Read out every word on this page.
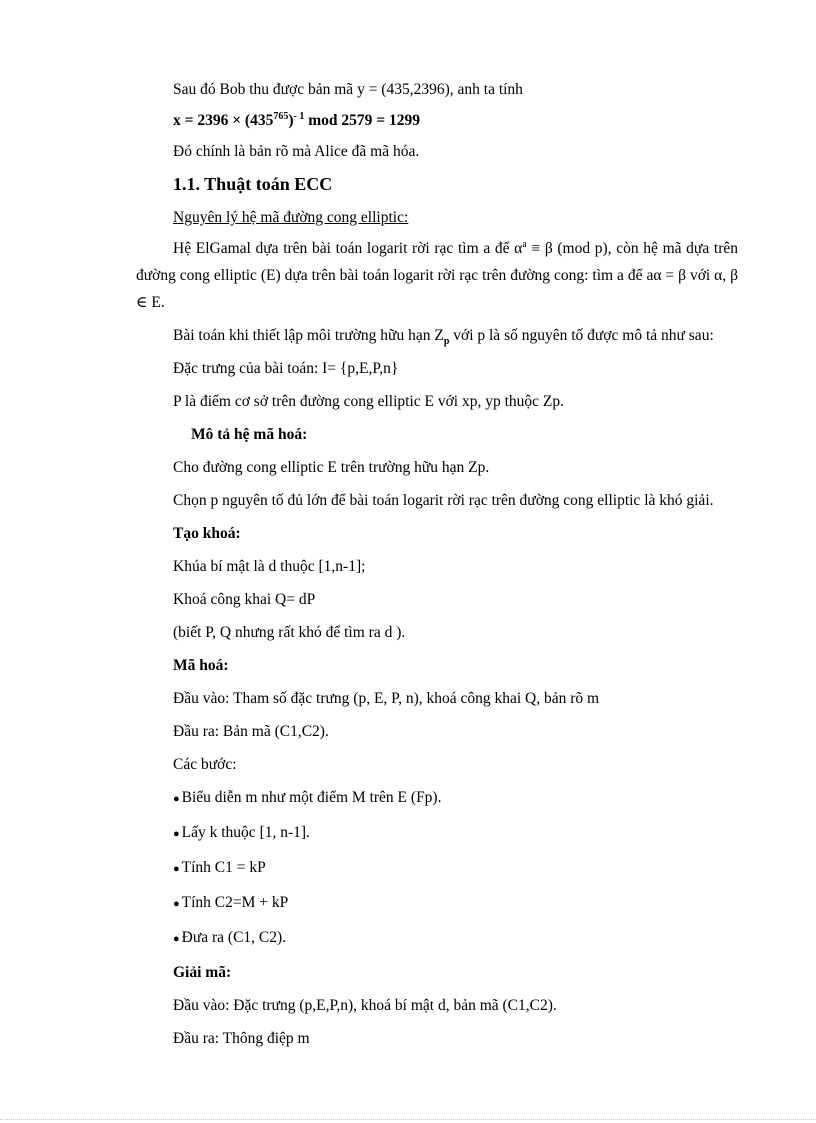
Sau đó Bob thu được bản mã y = (435,2396), anh ta tính

$x = 2396 \times (435^{765})^{- 1}$ mod 2579 = 1299

Đó chính là bản rõ mà Alice đã mã hóa.

1.1. Thuật toán ECC

Nguyên lý hệ mã đường cong elliptic:

Hệ ElGamal dựa trên bài toán logarit rời rạc tìm a để $\alpha^a \equiv \beta$ (mod p), còn hệ mã dựa trên đường cong elliptic (E) dựa trên bài toán logarit rời rạc trên đường cong: tìm a để aα = β với α, β ∈ E.

Bài toán khi thiết lập môi trường hữu hạn $Z_p$ với p là số nguyên tố được mô tả như sau:

Đặc trưng của bài toán: I= {p,E,P,n}

P là điểm cơ sở trên đường cong elliptic E với xp, yp thuộc Zp.

Mô tả hệ mã hoá:

Cho đường cong elliptic E trên trường hữu hạn Zp.

Chọn p nguyên tố đủ lớn để bài toán logarit rời rạc trên đường cong elliptic là khó giải.

Tạo khoá:

Khúa bí mật là d thuộc [1,n-1];

Khoá công khai Q= dP

(biết P, Q nhưng rất khó để tìm ra d ).

Mã hoá:

Đầu vào: Tham số đặc trưng (p, E, P, n), khoá công khai Q, bản rõ m

Đầu ra: Bản mã (C1,C2).

Các bước:

● Biểu diễn m như một điểm M trên E (Fp).

● Lấy k thuộc [1, n-1].

● Tính C1 = kP

● Tính C2=M + kP

● Đưa ra (C1, C2).

Giải mã:

Đầu vào: Đặc trưng (p,E,P,n), khoá bí mật d, bản mã (C1,C2).

Đầu ra: Thông điệp m
